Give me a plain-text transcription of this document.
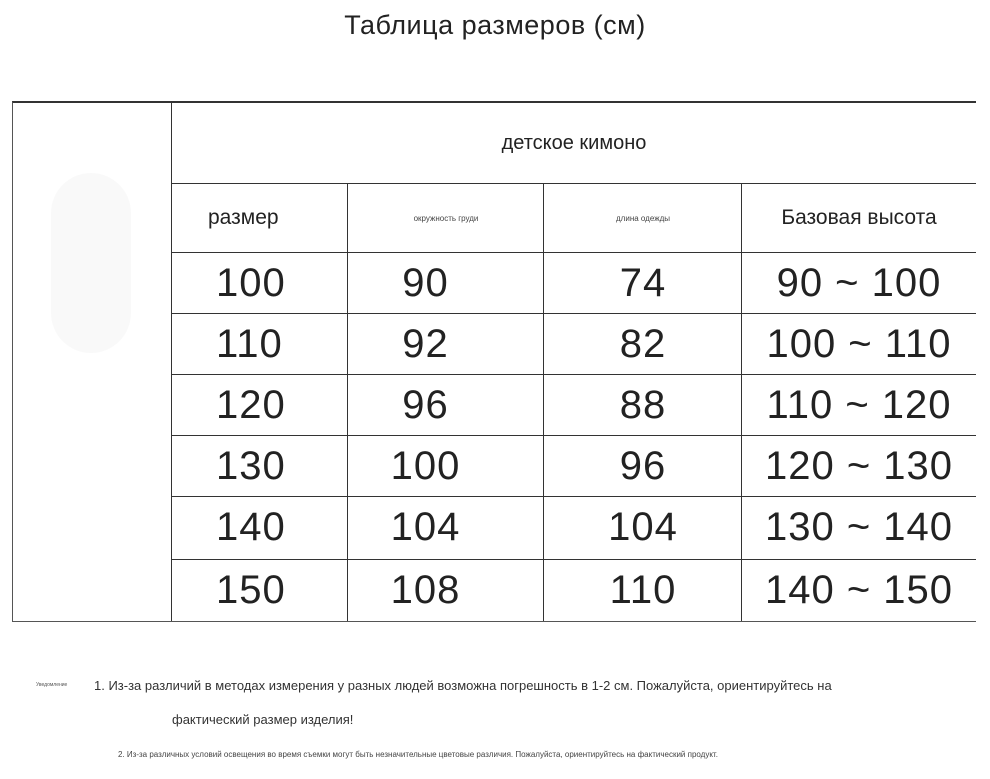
Таблица размеров (см)
детское кимоно
размер	окружность груди	длина одежды	Базовая высота
100	90	74	90 ~ 100
110	92	82	100 ~ 110
120	96	88	110 ~ 120
130	100	96	120 ~ 130
140	104	104	130 ~ 140
150	108	110	140 ~ 150
Уведомление 1. Из-за различий в методах измерения у разных людей возможна погрешность в 1-2 см. Пожалуйста, ориентируйтесь на
фактический размер изделия!
2. Из-за различных условий освещения во время съемки могут быть незначительные цветовые различия. Пожалуйста, ориентируйтесь на фактический продукт.
